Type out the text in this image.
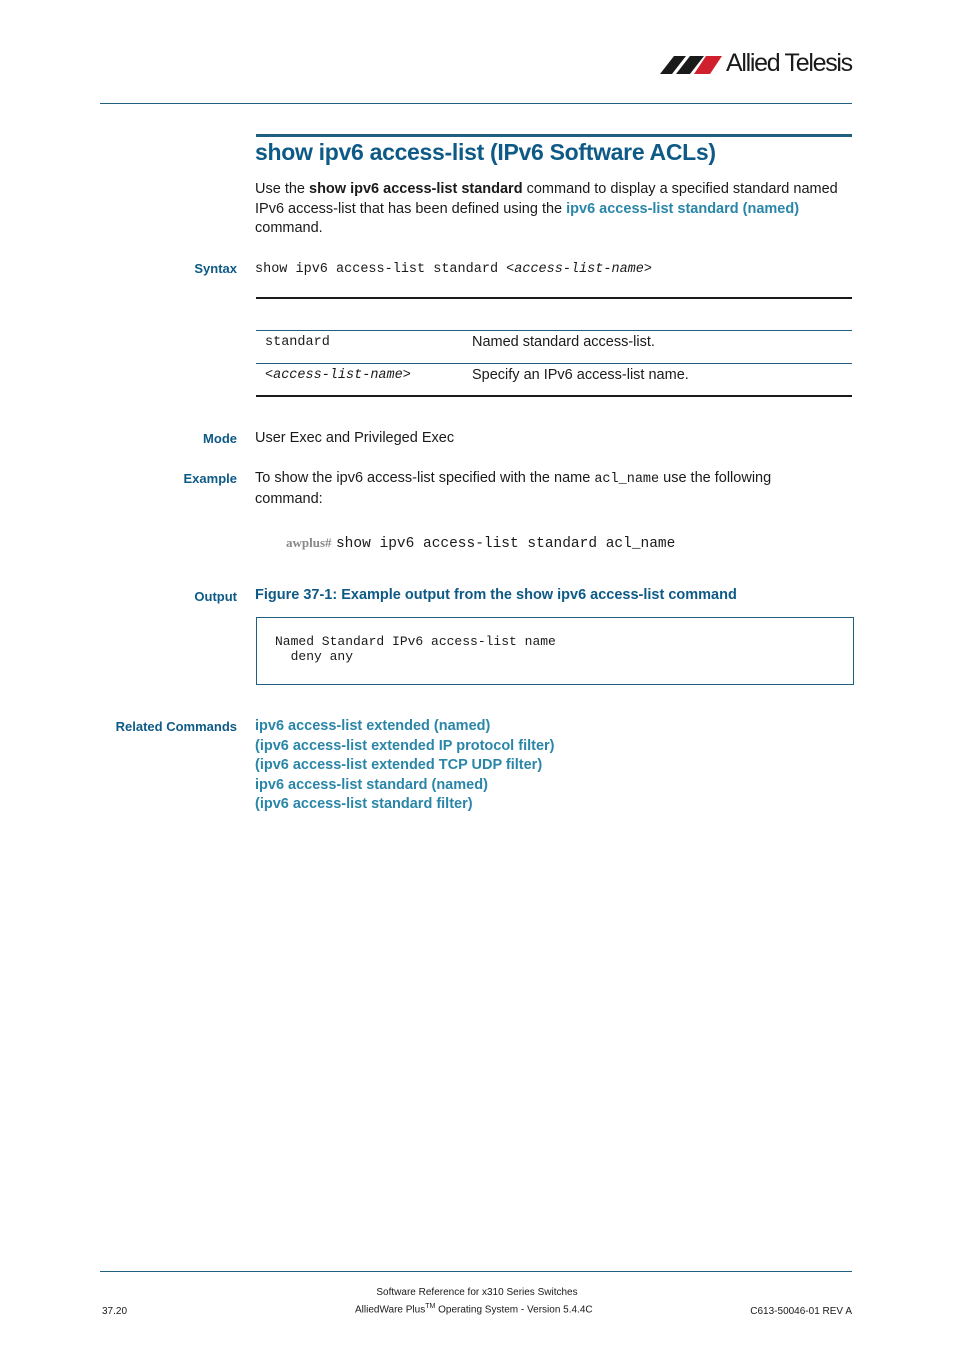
Allied Telesis
show ipv6 access-list (IPv6 Software ACLs)
Use the show ipv6 access-list standard command to display a specified standard named IPv6 access-list that has been defined using the ipv6 access-list standard (named) command.
Syntax show ipv6 access-list standard <access-list-name>
standard	Named standard access-list.
<access-list-name>	Specify an IPv6 access-list name.
Mode User Exec and Privileged Exec
Example To show the ipv6 access-list specified with the name acl_name use the following command:
awplus# show ipv6 access-list standard acl_name
Output Figure 37-1: Example output from the show ipv6 access-list command
Named Standard IPv6 access-list name
deny any
Related Commands ipv6 access-list extended (named)
(ipv6 access-list extended IP protocol filter)
(ipv6 access-list extended TCP UDP filter)
ipv6 access-list standard (named)
(ipv6 access-list standard filter)
Software Reference for x310 Series Switches
37.20	AlliedWare Plus™ Operating System - Version 5.4.4C	C613-50046-01 REV A
